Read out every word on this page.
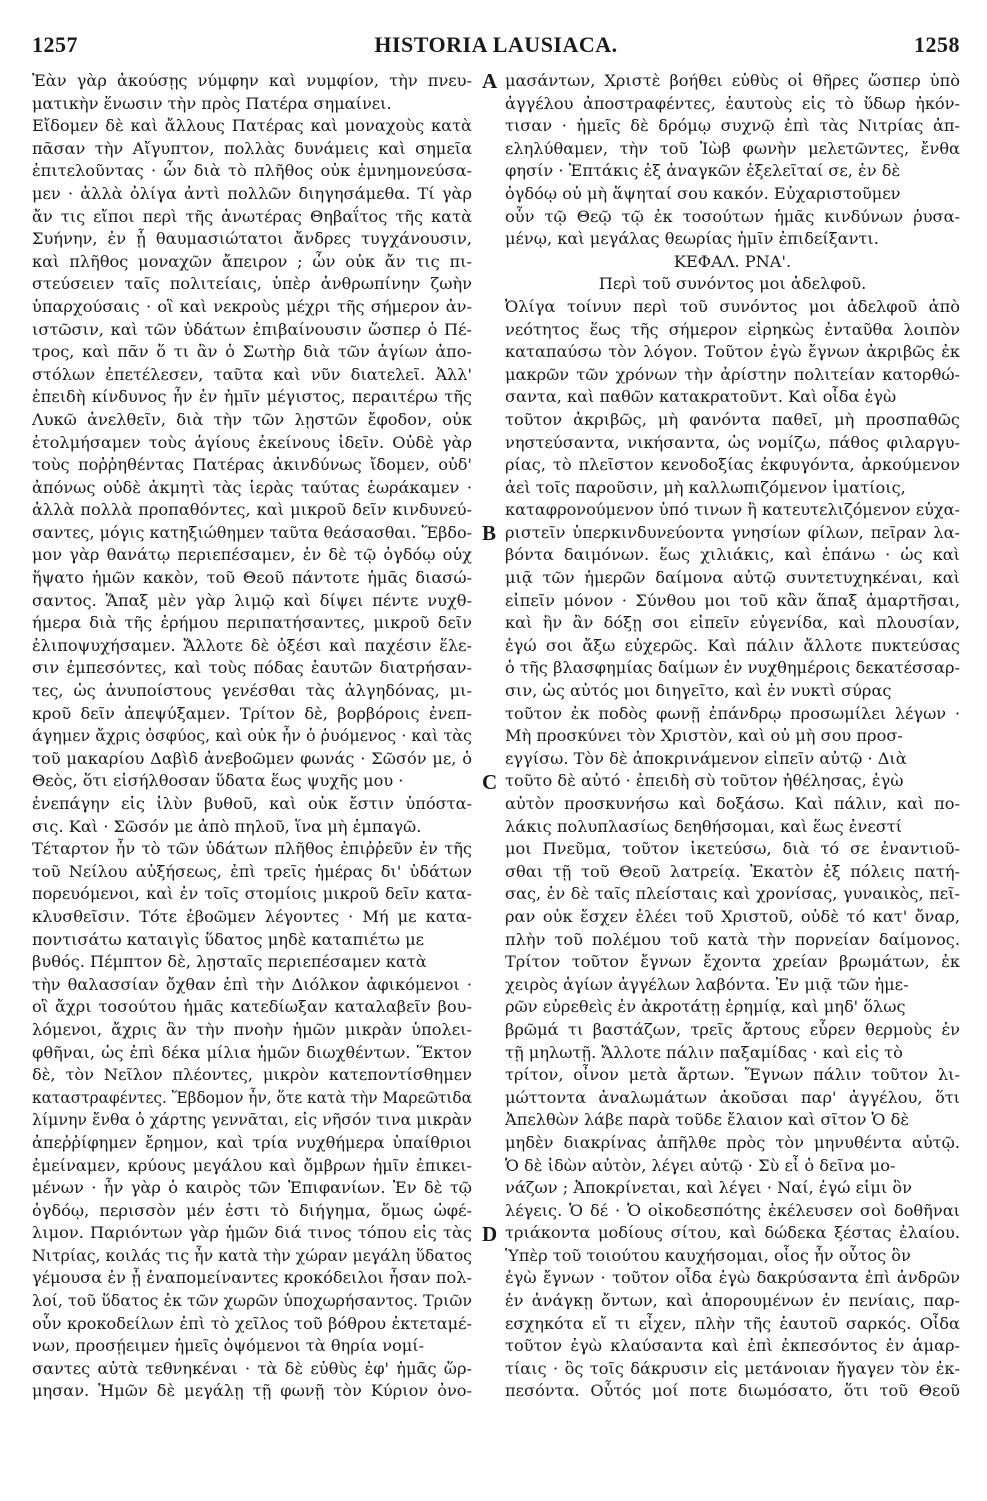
1257	HISTORIA LAUSIACA.	1258
Ἐὰν γὰρ ἀκούσῃς νύμφην καὶ νυμφίον, τὴν πνευ-
ματικὴν ἕνωσιν τὴν πρὸς Πατέρα σημαίνει.
Εἴδομεν δὲ καὶ ἄλλους Πατέρας καὶ μοναχοὺς κατὰ
πᾶσαν τὴν Αἴγυπτον, πολλὰς δυνάμεις καὶ σημεῖα
ἐπιτελοῦντας · ὧν διὰ τὸ πλῆθος οὐκ ἐμνημονεύσα-
μεν · ἀλλὰ ὀλίγα ἀντὶ πολλῶν διηγησάμεθα. Τί γὰρ
ἄν τις εἴποι περὶ τῆς ἀνωτέρας Θηβαΐτος τῆς κατὰ
Συήνην, ἐν ᾗ θαυμασιώτατοι ἄνδρες τυγχάνουσιν,
καὶ πλῆθος μοναχῶν ἄπειρον ; ὧν οὐκ ἄν τις πι-
στεύσειεν ταῖς πολιτείαις, ὑπὲρ ἀνθρωπίνην ζωὴν
ὑπαρχούσαις · οἳ καὶ νεκροὺς μέχρι τῆς σήμερον ἀν-
ιστῶσιν, καὶ τῶν ὑδάτων ἐπιβαίνουσιν ὥσπερ ὁ Πέ-
τρος, καὶ πᾶν ὅ τι ἂν ὁ Σωτὴρ διὰ τῶν ἁγίων ἀπο-
στόλων ἐπετέλεσεν, ταῦτα καὶ νῦν διατελεῖ. Ἀλλ'
ἐπειδὴ κίνδυνος ἦν ἐν ἡμῖν μέγιστος, περαιτέρω τῆς
Λυκῶ ἀνελθεῖν, διὰ τὴν τῶν λῃστῶν ἔφοδον, οὐκ
ἐτολμήσαμεν τοὺς ἁγίους ἐκείνους ἰδεῖν. Οὐδὲ γὰρ
τοὺς ποῤῥηθέντας Πατέρας ἀκινδύνως ἴδομεν, οὐδ'
ἀπόνως οὐδὲ ἀκμητὶ τὰς ἱερὰς ταύτας ἑωράκαμεν ·
ἀλλὰ πολλὰ προπαθόντες, καὶ μικροῦ δεῖν κινδυνεύ-
σαντες, μόγις κατηξιώθημεν ταῦτα θεάσασθαι. Ἕβδο-
μον γὰρ θανάτῳ περιεπέσαμεν, ἐν δὲ τῷ ὀγδόῳ οὐχ
ἥψατο ἡμῶν κακὸν, τοῦ Θεοῦ πάντοτε ἡμᾶς διασώ-
σαντος. Ἅπαξ μὲν γὰρ λιμῷ καὶ δίψει πέντε νυχθ-
ήμερα διὰ τῆς ἐρήμου περιπατήσαντες, μικροῦ δεῖν
ἐλιποψυχήσαμεν. Ἄλλοτε δὲ ὀξέσι καὶ παχέσιν ἕλε-
σιν ἐμπεσόντες, καὶ τοὺς πόδας ἑαυτῶν διατρήσαν-
τες, ὡς ἀνυποίστους γενέσθαι τὰς ἀλγηδόνας, μι-
κροῦ δεῖν ἀπεψύξαμεν. Τρίτον δὲ, βορβόροις ἐνεπ-
άγημεν ἄχρις ὀσφύος, καὶ οὐκ ἦν ὁ ῥυόμενος · καὶ τὰς
τοῦ μακαρίου Δαβὶδ ἀνεβοῶμεν φωνάς · Σῶσόν με, ὁ
Θεὸς, ὅτι εἰσήλθοσαν ὕδατα ἕως ψυχῆς μου ·
ἐνεπάγην εἰς ἰλὺν βυθοῦ, καὶ οὐκ ἔστιν ὑπόστα-
σις. Καὶ · Σῶσόν με ἀπὸ πηλοῦ, ἵνα μὴ ἐμπαγῶ.
Τέταρτον ἦν τὸ τῶν ὑδάτων πλῆθος ἐπιῤῥεῦν ἐν τῆς
τοῦ Νείλου αὐξήσεως, ἐπὶ τρεῖς ἡμέρας δι' ὑδάτων
πορευόμενοι, καὶ ἐν τοῖς στομίοις μικροῦ δεῖν κατα-
κλυσθεῖσιν. Τότε ἐβοῶμεν λέγοντες · Μή με κατα-
ποντισάτω καταιγὶς ὕδατος μηδὲ καταπιέτω με
βυθός. Πέμπτον δὲ, λῃσταῖς περιεπέσαμεν κατὰ
τὴν θαλασσίαν ὄχθαν ἐπὶ τὴν Διόλκον ἀφικόμενοι ·
οἳ ἄχρι τοσούτου ἡμᾶς κατεδίωξαν καταλαβεῖν βου-
λόμενοι, ἄχρις ἂν τὴν πνοὴν ἡμῶν μικρὰν ὑπολει-
φθῆναι, ὡς ἐπὶ δέκα μίλια ἡμῶν διωχθέντων. Ἕκτον
δὲ, τὸν Νεῖλον πλέοντες, μικρὸν κατεποντίσθημεν
καταστραφέντες. Ἕβδομον ἦν, ὅτε κατὰ τὴν Μαρεῶτιδα
λίμνην ἔνθα ὁ χάρτης γεννᾶται, εἰς νῆσόν τινα μικρὰν
ἀπεῤῥίφημεν ἔρημον, καὶ τρία νυχθήμερα ὑπαίθριοι
ἐμείναμεν, κρύους μεγάλου καὶ ὄμβρων ἡμῖν ἐπικει-
μένων · ἦν γὰρ ὁ καιρὸς τῶν Ἐπιφανίων. Ἐν δὲ τῷ
ὀγδόῳ, περισσὸν μέν ἐστι τὸ διήγημα, ὅμως ὠφέ-
λιμον. Παριόντων γὰρ ἡμῶν διά τινος τόπου εἰς τὰς
Νιτρίας, κοιλάς τις ἦν κατὰ τὴν χώραν μεγάλη ὕδατος
γέμουσα ἐν ᾗ ἐναπομείναντες κροκόδειλοι ἦσαν πολ-
λοί, τοῦ ὕδατος ἐκ τῶν χωρῶν ὑποχωρήσαντος. Τριῶν
οὖν κροκοδείλων ἐπὶ τὸ χεῖλος τοῦ βόθρου ἐκτεταμέ-
νων, προσῄειμεν ἡμεῖς ὀψόμενοι τὰ θηρία νομί-
σαντες αὐτὰ τεθνηκέναι · τὰ δὲ εὐθὺς ἐφ' ἡμᾶς ὥρ-
μησαν. Ἡμῶν δὲ μεγάλῃ τῇ φωνῇ τὸν Κύριον ὀνο-
μασάντων, Χριστὲ βοήθει εὐθὺς οἱ θῆρες ὥσπερ ὑπὸ
ἀγγέλου ἀποστραφέντες, ἑαυτοὺς εἰς τὸ ὕδωρ ἠκόν-
τισαν · ἡμεῖς δὲ δρόμῳ συχνῷ ἐπὶ τὰς Νιτρίας ἀπ-
εληλύθαμεν, τὴν τοῦ Ἰὼβ φωνὴν μελετῶντες, ἔνθα
φησίν · Ἑπτάκις ἐξ ἀναγκῶν ἐξελεῖταί σε, ἐν δὲ
ὀγδόῳ οὐ μὴ ἅψηταί σου κακόν. Εὐχαριστοῦμεν
οὖν τῷ Θεῷ τῷ ἐκ τοσούτων ἡμᾶς κινδύνων ῥυσα-
μένῳ, καὶ μεγάλας θεωρίας ἡμῖν ἐπιδείξαντι.
ΚΕΦΑΛ. ΡΝΑ'.
Περὶ τοῦ συνόντος μοι ἀδελφοῦ.
Ὀλίγα τοίνυν περὶ τοῦ συνόντος μοι ἀδελφοῦ ἀπὸ
νεότητος ἕως τῆς σήμερον εἰρηκὼς ἐνταῦθα λοιπὸν
καταπαύσω τὸν λόγον. Τοῦτον ἐγὼ ἔγνων ἀκριβῶς ἐκ
μακρῶν τῶν χρόνων τὴν ἀρίστην πολιτείαν κατορθώ-
σαντα, καὶ παθῶν κατακρατοῦντ. Καὶ οἶδα ἐγὼ
τοῦτον ἀκριβῶς, μὴ φανόντα παθεῖ, μὴ προσπαθῶς
νηστεύσαντα, νικήσαντα, ὡς νομίζω, πάθος φιλαργυ-
ρίας, τὸ πλεῖστον κενοδοξίας ἐκφυγόντα, ἀρκούμενον
ἀεὶ τοῖς παροῦσιν, μὴ καλλωπιζόμενον ἱματίοις,
καταφρονούμενον ὑπό τινων ἢ κατευτελιζόμενον εὐχα-
ριστεῖν ὑπερκινδυνεύοντα γνησίων φίλων, πεῖραν λα-
βόντα δαιμόνων. ἕως χιλιάκις, καὶ ἐπάνω · ὡς καὶ
μιᾷ τῶν ἡμερῶν δαίμονα αὐτῷ συντετυχηκέναι, καὶ
εἰπεῖν μόνον · Σύνθου μοι τοῦ κἂν ἅπαξ ἁμαρτῆσαι,
καὶ ἣν ἂν δόξῃ σοι εἰπεῖν εὐγενίδα, καὶ πλουσίαν,
ἐγώ σοι ἄξω εὐχερῶς. Καὶ πάλιν ἄλλοτε πυκτεύσας
ὁ τῆς βλασφημίας δαίμων ἐν νυχθημέροις δεκατέσσαρ-
σιν, ὡς αὐτός μοι διηγεῖτο, καὶ ἐν νυκτὶ σύρας
τοῦτον ἐκ ποδὸς φωνῇ ἐπάνδρῳ προσωμίλει λέγων ·
Μὴ προσκύνει τὸν Χριστὸν, καὶ οὐ μὴ σου προσ-
εγγίσω. Τὸν δὲ ἀποκρινάμενον εἰπεῖν αὐτῷ · Διὰ
τοῦτο δὲ αὐτό · ἐπειδὴ σὺ τοῦτον ἠθέλησας, ἐγὼ
αὐτὸν προσκυνήσω καὶ δοξάσω. Καὶ πάλιν, καὶ πο-
λάκις πολυπλασίως δεηθήσομαι, καὶ ἕως ἐνεστί
μοι Πνεῦμα, τοῦτον ἱκετεύσω, διὰ τό σε ἐναντιοῦ-
σθαι τῇ τοῦ Θεοῦ λατρείᾳ. Ἑκατὸν ἐξ πόλεις πατή-
σας, ἐν δὲ ταῖς πλείσταις καὶ χρονίσας, γυναικὸς, πεῖ-
ραν οὐκ ἔσχεν ἐλέει τοῦ Χριστοῦ, οὐδὲ τό κατ' ὄναρ,
πλὴν τοῦ πολέμου τοῦ κατὰ τὴν πορνείαν δαίμονος.
Τρίτον τοῦτον ἔγνων ἔχοντα χρείαν βρωμάτων, ἐκ
χειρὸς ἁγίων ἀγγέλων λαβόντα. Ἐν μιᾷ τῶν ἡμε-
ρῶν εὑρεθεὶς ἐν ἀκροτάτῃ ἐρημίᾳ, καὶ μηδ' ὅλως
βρῶμά τι βαστάζων, τρεῖς ἄρτους εὗρεν θερμοὺς ἐν
τῇ μηλωτῇ. Ἄλλοτε πάλιν παξαμίδας · καὶ εἰς τὸ
τρίτον, οἶνον μετὰ ἄρτων. Ἔγνων πάλιν τοῦτον λι-
μώττοντα ἀναλωμάτων ἀκοῦσαι παρ' ἀγγέλου, ὅτι
Ἀπελθὼν λάβε παρὰ τοῦδε ἔλαιον καὶ σῖτον Ὁ δὲ
μηδὲν διακρίνας ἀπῆλθε πρὸς τὸν μηνυθέντα αὐτῷ.
Ὁ δὲ ἰδὼν αὐτὸν, λέγει αὐτῷ · Σὺ εἶ ὁ δεῖνα μο-
νάζων ; Ἀποκρίνεται, καὶ λέγει · Ναί, ἐγώ εἰμι ὃν
λέγεις. Ὁ δέ · Ὁ οἰκοδεσπότης ἐκέλευσεν σοὶ δοθῆναι
τριάκοντα μοδίους σίτου, καὶ δώδεκα ξέστας ἐλαίου.
Ὑπὲρ τοῦ τοιούτου καυχήσομαι, οἷος ἦν οὗτος ὃν
ἐγὼ ἔγνων · τοῦτον οἶδα ἐγὼ δακρύσαντα ἐπὶ ἀνδρῶν
ἐν ἀνάγκῃ ὄντων, καὶ ἀπορουμένων ἐν πενίαις, παρ-
εσχηκότα εἴ τι εἶχεν, πλὴν τῆς ἑαυτοῦ σαρκός. Οἶδα
τοῦτον ἐγὼ κλαύσαντα καὶ ἐπὶ ἐκπεσόντος ἐν ἁμαρ-
τίαις · ὃς τοῖς δάκρυσιν εἰς μετάνοιαν ἤγαγεν τὸν ἐκ-
πεσόντα. Οὗτός μοί ποτε διωμόσατο, ὅτι τοῦ Θεοῦ
A
B
C
D
